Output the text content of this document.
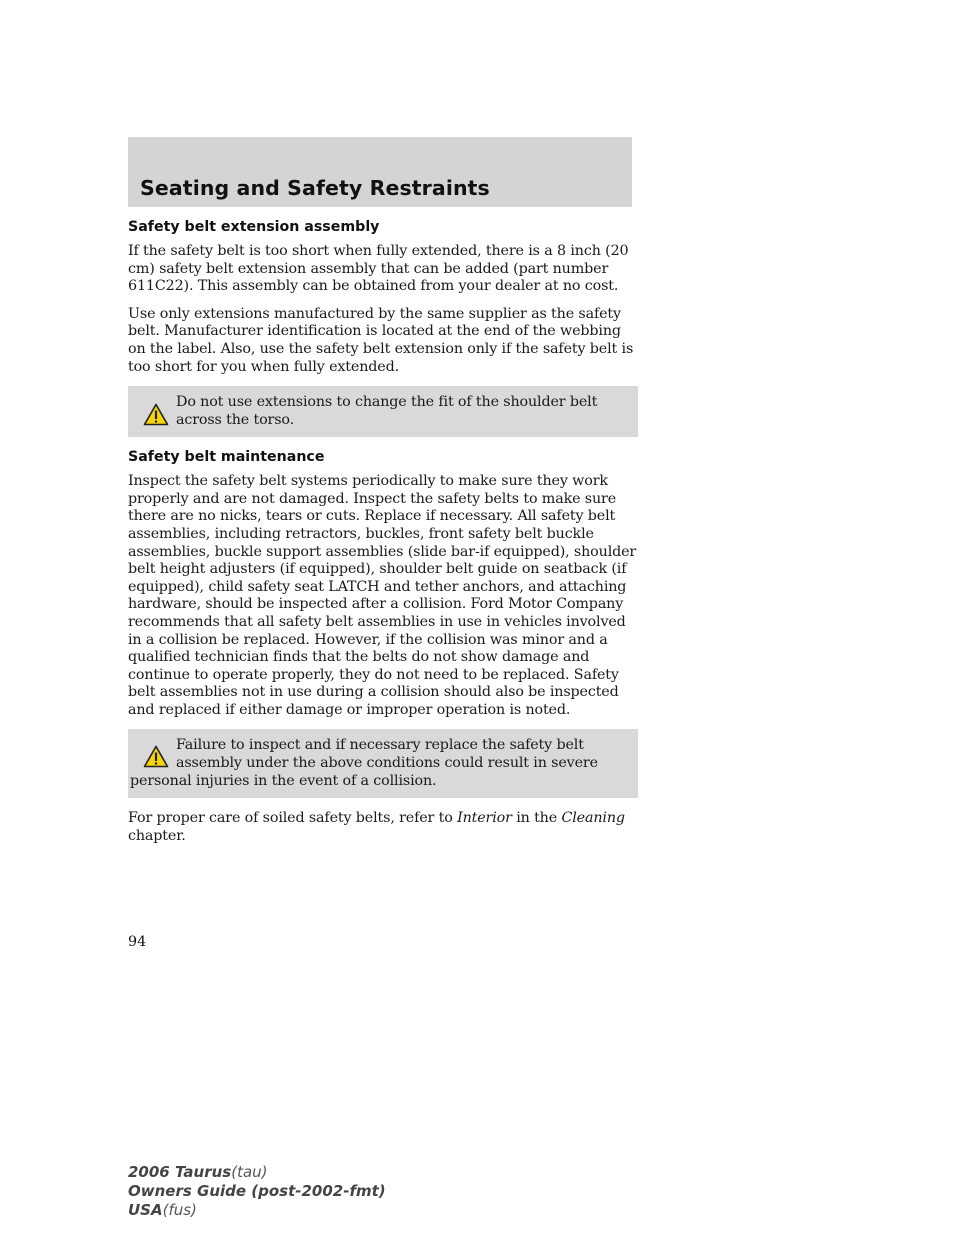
Seating and Safety Restraints
Safety belt extension assembly

If the safety belt is too short when fully extended, there is a 8 inch (20 cm) safety belt extension assembly that can be added (part number 611C22). This assembly can be obtained from your dealer at no cost.

Use only extensions manufactured by the same supplier as the safety belt. Manufacturer identification is located at the end of the webbing on the label. Also, use the safety belt extension only if the safety belt is too short for you when fully extended.

Do not use extensions to change the fit of the shoulder belt across the torso.
Safety belt maintenance

Inspect the safety belt systems periodically to make sure they work properly and are not damaged. Inspect the safety belts to make sure there are no nicks, tears or cuts. Replace if necessary. All safety belt assemblies, including retractors, buckles, front safety belt buckle assemblies, buckle support assemblies (slide bar-if equipped), shoulder belt height adjusters (if equipped), shoulder belt guide on seatback (if equipped), child safety seat LATCH and tether anchors, and attaching hardware, should be inspected after a collision. Ford Motor Company recommends that all safety belt assemblies in use in vehicles involved in a collision be replaced. However, if the collision was minor and a qualified technician finds that the belts do not show damage and continue to operate properly, they do not need to be replaced. Safety belt assemblies not in use during a collision should also be inspected and replaced if either damage or improper operation is noted.

Failure to inspect and if necessary replace the safety belt
assembly under the above conditions could result in severe
personal injuries in the event of a collision.

For proper care of soiled safety belts, refer to Interior in the Cleaning chapter.

94
2006 Taurus(tau)
Owners Guide (post-2002-fmt)
USA(fus)
